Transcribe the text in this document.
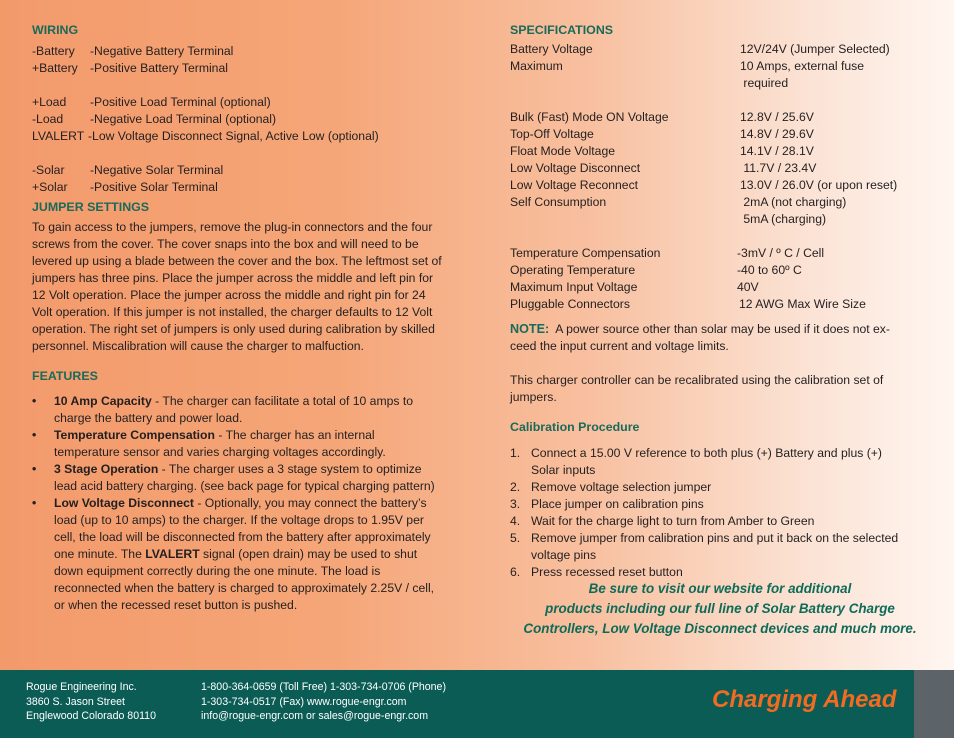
WIRING
-Battery -Negative Battery Terminal
+Battery -Positive Battery Terminal
+Load -Positive Load Terminal (optional)
-Load -Negative Load Terminal (optional)
LVALERT -Low Voltage Disconnect Signal, Active Low (optional)
-Solar -Negative Solar Terminal
+Solar -Positive Solar Terminal
JUMPER SETTINGS

To gain access to the jumpers, remove the plug-in connectors and the four screws from the cover. The cover snaps into the box and will need to be levered up using a blade between the cover and the box. The leftmost set of jumpers has three pins. Place the jumper across the middle and left pin for 12 Volt operation. Place the jumper across the middle and right pin for 24 Volt operation. If this jumper is not installed, the charger defaults to 12 Volt operation. The right set of jumpers is only used during calibration by skilled personnel. Miscalibration will cause the charger to malfuction.

FEATURES
• 10 Amp Capacity - The charger can facilitate a total of 10 amps to charge the battery and power load.
• Temperature Compensation - The charger has an internal temperature sensor and varies charging voltages accordingly.
• 3 Stage Operation - The charger uses a 3 stage system to optimize lead acid battery charging. (see back page for typical charging pattern)
• Low Voltage Disconnect - Optionally, you may connect the battery’s load (up to 10 amps) to the charger. If the voltage drops to 1.95V per cell, the load will be disconnected from the battery after approximately one minute. The LVALERT signal (open drain) may be used to shut down equipment correctly during the one minute. The load is reconnected when the battery is charged to approximately 2.25V / cell, or when the recessed reset button is pushed.
SPECIFICATIONS
Battery Voltage	12V/24V (Jumper Selected)
Maximum	10 Amps, external fuse
required
Bulk (Fast) Mode ON Voltage	12.8V / 25.6V
Top-Off Voltage	14.8V / 29.6V
Float Mode Voltage	14.1V / 28.1V
Low Voltage Disconnect	11.7V / 23.4V
Low Voltage Reconnect	13.0V / 26.0V (or upon reset)
Self Consumption	2mA (not charging)
5mA (charging)
Temperature Compensation	-3mV / º C / Cell
Operating Temperature	-40 to 60º C
Maximum Input Voltage	40V
Pluggable Connectors	12 AWG Max Wire Size

NOTE:  A power source other than solar may be used if it does not ex-ceed the input current and voltage limits.

This charger controller can be recalibrated using the calibration set of jumpers.

Calibration Procedure
1. Connect a 15.00 V reference to both plus (+) Battery and plus (+) Solar inputs
2. Remove voltage selection jumper
3. Place jumper on calibration pins
4. Wait for the charge light to turn from Amber to Green
5. Remove jumper from calibration pins and put it back on the selected voltage pins
6. Press recessed reset button
Be sure to visit our website for additional
products including our full line of Solar Battery Charge
Controllers, Low Voltage Disconnect devices and much more.
Rogue Engineering Inc.
3860 S. Jason Street
Englewood Colorado 80110
1-800-364-0659 (Toll Free) 1-303-734-0706 (Phone)
1-303-734-0517 (Fax) www.rogue-engr.com
info@rogue-engr.com or sales@rogue-engr.com
Charging Ahead
